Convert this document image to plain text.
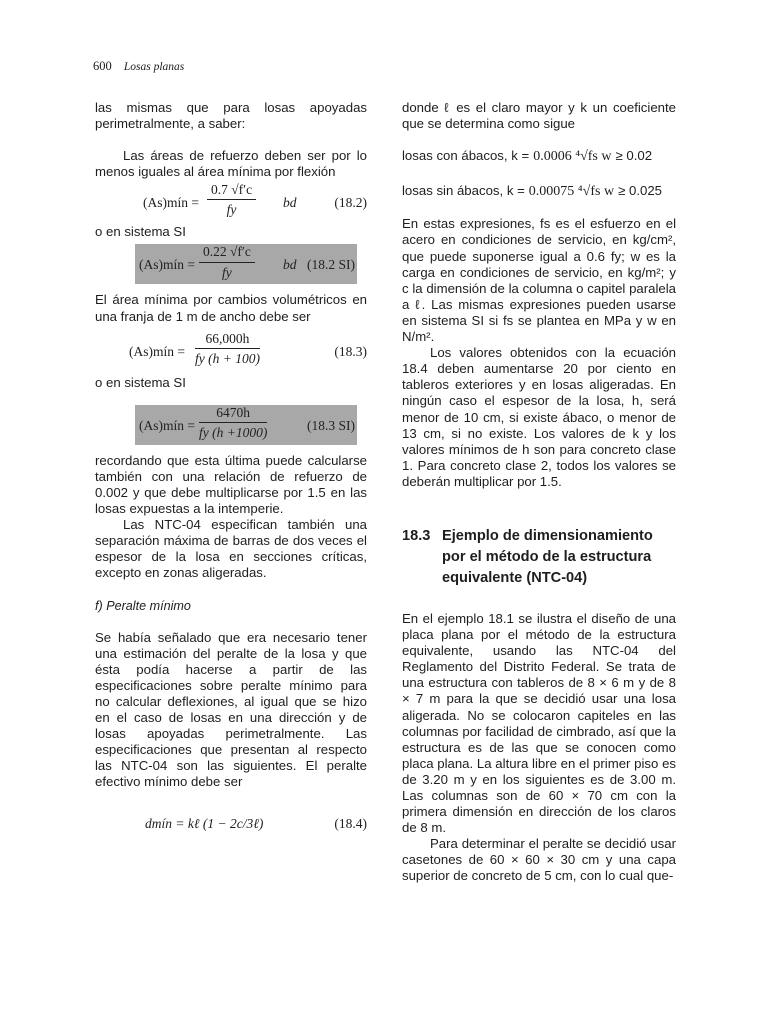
600 Losas planas

las mismas que para losas apoyadas perimetralmente, a saber:

Las áreas de refuerzo deben ser por lo menos iguales al área mínima por flexión

(As)mín = $\frac{0.7 √f'c}{fy}$ bd	(18.2)

o en sistema SI

(As)mín = $\frac{0.22 √f'c}{fy}$ bd (18.2 SI)

El área mínima por cambios volumétricos en una franja de 1 m de ancho debe ser

(As)mín = $\frac{66,000h}{fy (h + 100)}$	(18.3)

o en sistema SI

(As)mín = $\frac{6470h}{fy (h +1000)}$	(18.3 SI)

recordando que esta última puede calcularse también con una relación de refuerzo de 0.002 y que debe multiplicarse por 1.5 en las losas expuestas a la intemperie.

Las NTC-04 especifican también una separación máxima de barras de dos veces el espesor de la losa en secciones críticas, excepto en zonas aligeradas.

f) Peralte mínimo

Se había señalado que era necesario tener una estimación del peralte de la losa y que ésta podía hacerse a partir de las especificaciones sobre peralte mínimo para no calcular deflexiones, al igual que se hizo en el caso de losas en una dirección y de losas apoyadas perimetralmente. Las especificaciones que presentan al respecto las NTC-04 son las siguientes. El peralte efectivo mínimo debe ser

dmín = kℓ (1 − 2c/3ℓ)	(18.4)

donde ℓ es el claro mayor y k un coeficiente que se determina como sigue

losas con ábacos, k = 0.0006 ⁴√fs w ≥ 0.02
losas sin ábacos, k = 0.00075 ⁴√fs w ≥ 0.025

En estas expresiones, fs es el esfuerzo en el acero en condiciones de servicio, en kg/cm², que puede suponerse igual a 0.6 fy; w es la carga en condiciones de servicio, en kg/m²; y c la dimensión de la columna o capitel paralela a ℓ. Las mismas expresiones pueden usarse en sistema SI si fs se plantea en MPa y w en N/m².

Los valores obtenidos con la ecuación 18.4 deben aumentarse 20 por ciento en tableros exteriores y en losas aligeradas. En ningún caso el espesor de la losa, h, será menor de 10 cm, si existe ábaco, o menor de 13 cm, si no existe. Los valores de k y los valores mínimos de h son para concreto clase 1. Para concreto clase 2, todos los valores se deberán multiplicar por 1.5.

18.3 Ejemplo de dimensionamiento por el método de la estructura equivalente (NTC-04)

En el ejemplo 18.1 se ilustra el diseño de una placa plana por el método de la estructura equivalente, usando las NTC-04 del Reglamento del Distrito Federal. Se trata de una estructura con tableros de 8 × 6 m y de 8 × 7 m para la que se decidió usar una losa aligerada. No se colocaron capiteles en las columnas por facilidad de cimbrado, así que la estructura es de las que se conocen como placa plana. La altura libre en el primer piso es de 3.20 m y en los siguientes es de 3.00 m. Las columnas son de 60 × 70 cm con la primera dimensión en dirección de los claros de 8 m.

Para determinar el peralte se decidió usar casetones de 60 × 60 × 30 cm y una capa superior de concreto de 5 cm, con lo cual que-
